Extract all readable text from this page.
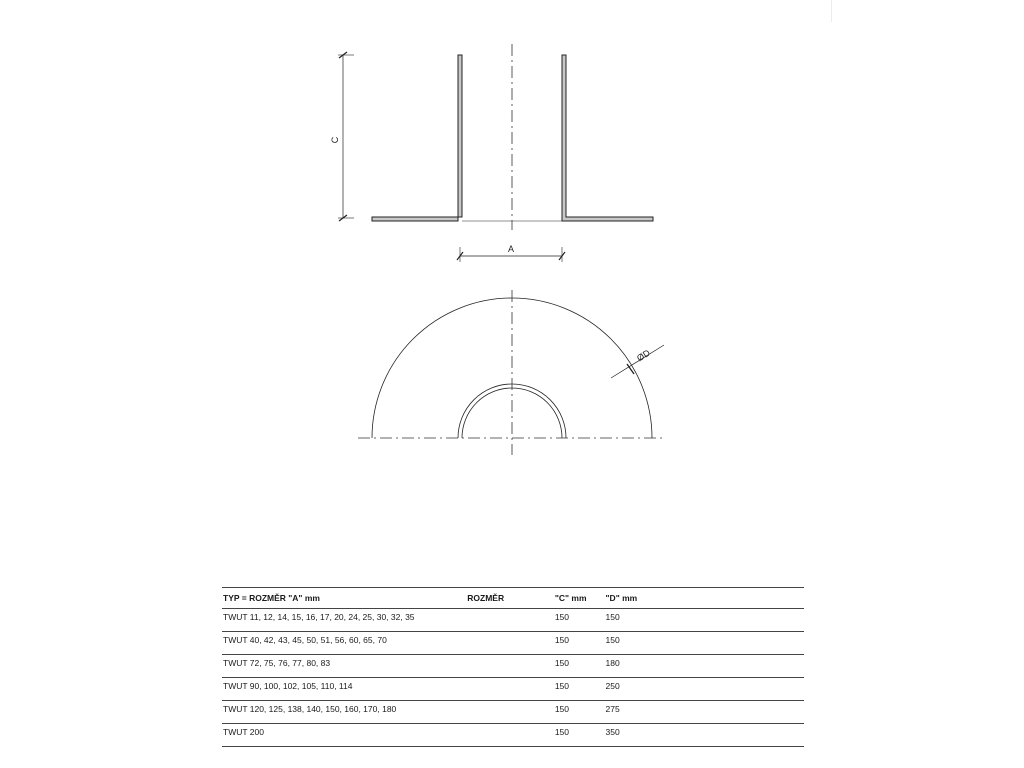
C
A
ØD
TYP = ROZMĚR "A" mm	ROZMĚR	"C" mm	"D" mm
TWUT 11, 12, 14, 15, 16, 17, 20, 24, 25, 30, 32, 35		150	150
TWUT 40, 42, 43, 45, 50, 51, 56, 60, 65, 70		150	150
TWUT 72, 75, 76, 77, 80, 83		150	180
TWUT 90, 100, 102, 105, 110, 114		150	250
TWUT 120, 125, 138, 140, 150, 160, 170, 180		150	275
TWUT 200		150	350
